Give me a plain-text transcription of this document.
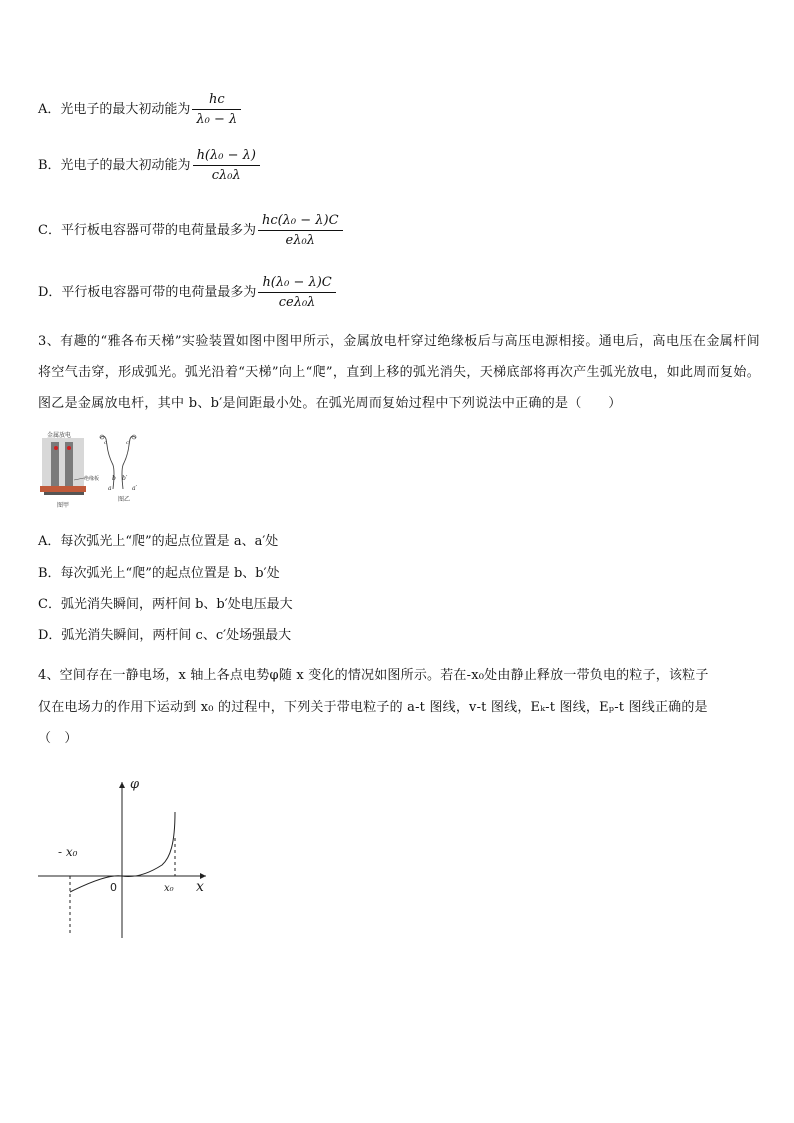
A．光电子的最大初动能为 $\frac{hc}{\text{λ₀ − λ}}$
B．光电子的最大初动能为 $\frac{\text{h(λ₀ − λ)}}{\text{cλ₀λ}}$
C．平行板电容器可带的电荷量最多为 $\frac{\text{hc(λ₀ − λ)C}}{\text{eλ₀λ}}$
D．平行板电容器可带的电荷量最多为 $\frac{\text{h(λ₀ − λ)C}}{\text{ceλ₀λ}}$
3、有趣的“雅各布天梯”实验装置如图中图甲所示，金属放电杆穿过绝缘板后与高压电源相接。通电后，高电压在金属杆间将空气击穿，形成弧光。弧光沿着“天梯”向上“爬”，直到上移的弧光消失，天梯底部将再次产生弧光放电，如此周而复始。图乙是金属放电杆，其中 b、b′是间距最小处。在弧光周而复始过程中下列说法中正确的是（　　）
金属放电
绝缘板
图甲
c	c′
b b′
a	a′
图乙
A．每次弧光上“爬”的起点位置是 a、a′处
B．每次弧光上“爬”的起点位置是 b、b′处
C．弧光消失瞬间，两杆间 b、b′处电压最大
D．弧光消失瞬间，两杆间 c、c′处场强最大
4、空间存在一静电场，x 轴上各点电势φ随 x 变化的情况如图所示。若在-x₀处由静止释放一带负电的粒子，该粒子
仅在电场力的作用下运动到 x₀ 的过程中，下列关于带电粒子的 a-t 图线，v-t 图线，Eₖ-t 图线，Eₚ-t 图线正确的是
（　）
φ
x
0
- x₀
x₀
